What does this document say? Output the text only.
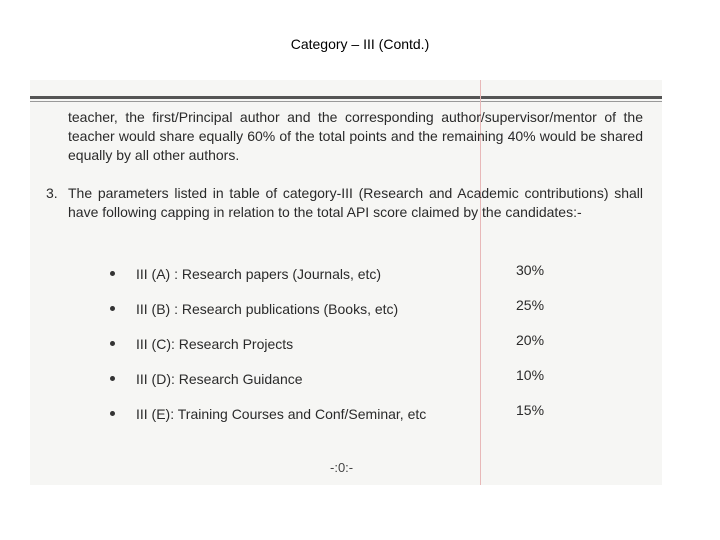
Category – III (Contd.)
teacher, the first/Principal author and the corresponding author/supervisor/mentor of the teacher would share equally 60% of the total points and the remaining 40% would be shared equally by all other authors.
3. The parameters listed in table of category-III (Research and Academic contributions) shall have following capping in relation to the total API score claimed by the candidates:-
III (A) : Research papers (Journals, etc)	30%
III (B) : Research publications (Books, etc)	25%
III (C): Research Projects	20%
III (D): Research Guidance	10%
III (E): Training Courses and Conf/Seminar, etc	15%
-:0:-
